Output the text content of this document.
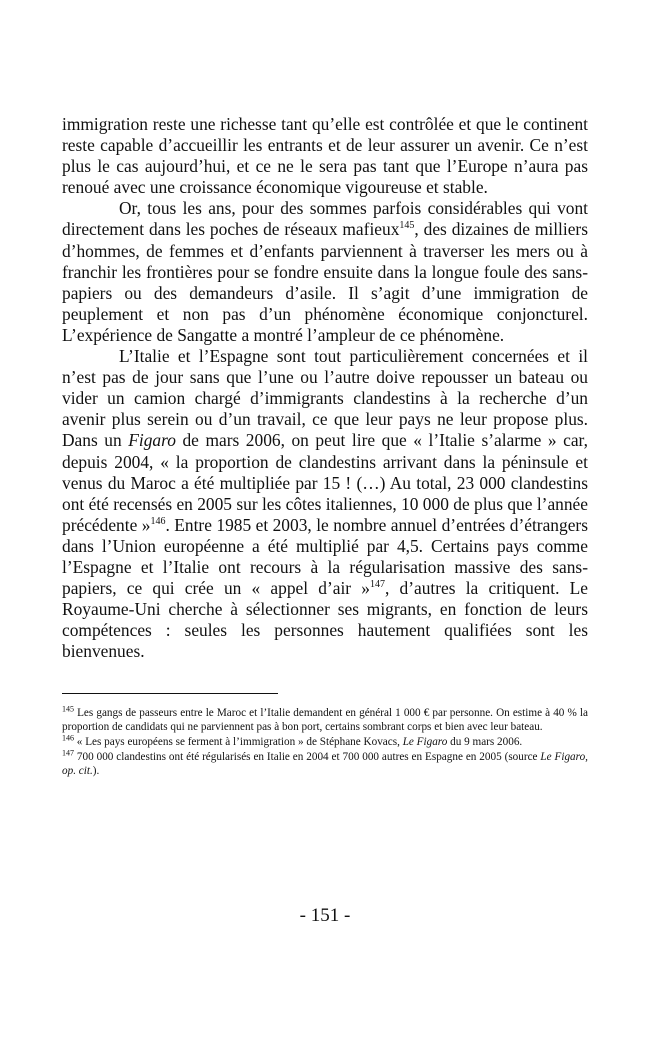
immigration reste une richesse tant qu’elle est contrôlée et que le continent reste capable d’accueillir les entrants et de leur assurer un avenir. Ce n’est plus le cas aujourd’hui, et ce ne le sera pas tant que l’Europe n’aura pas renoué avec une croissance économique vigoureuse et stable.

Or, tous les ans, pour des sommes parfois considérables qui vont directement dans les poches de réseaux mafieux$^{145}$, des dizaines de milliers d’hommes, de femmes et d’enfants parviennent à traverser les mers ou à franchir les frontières pour se fondre ensuite dans la longue foule des sans-papiers ou des demandeurs d’asile. Il s’agit d’une immigration de peuplement et non pas d’un phénomène économique conjoncturel. L’expérience de Sangatte a montré l’ampleur de ce phénomène.

L’Italie et l’Espagne sont tout particulièrement concernées et il n’est pas de jour sans que l’une ou l’autre doive repousser un bateau ou vider un camion chargé d’immigrants clandestins à la recherche d’un avenir plus serein ou d’un travail, ce que leur pays ne leur propose plus. Dans un Figaro de mars 2006, on peut lire que « l’Italie s’alarme » car, depuis 2004, « la proportion de clandestins arrivant dans la péninsule et venus du Maroc a été multipliée par 15 ! (…) Au total, 23 000 clandestins ont été recensés en 2005 sur les côtes italiennes, 10 000 de plus que l’année précédente »$^{146}$. Entre 1985 et 2003, le nombre annuel d’entrées d’étrangers dans l’Union européenne a été multiplié par 4,5. Certains pays comme l’Espagne et l’Italie ont recours à la régularisation massive des sans-papiers, ce qui crée un « appel d’air »$^{147}$, d’autres la critiquent. Le Royaume-Uni cherche à sélectionner ses migrants, en fonction de leurs compétences : seules les personnes hautement qualifiées sont les bienvenues.

$^{145}$ Les gangs de passeurs entre le Maroc et l’Italie demandent en général 1 000 € par personne. On estime à 40 % la proportion de candidats qui ne parviennent pas à bon port, certains sombrant corps et bien avec leur bateau.

$^{146}$ « Les pays européens se ferment à l’immigration » de Stéphane Kovacs, Le Figaro du 9 mars 2006.

$^{147}$ 700 000 clandestins ont été régularisés en Italie en 2004 et 700 000 autres en Espagne en 2005 (source Le Figaro, op. cit.).

- 151 -
